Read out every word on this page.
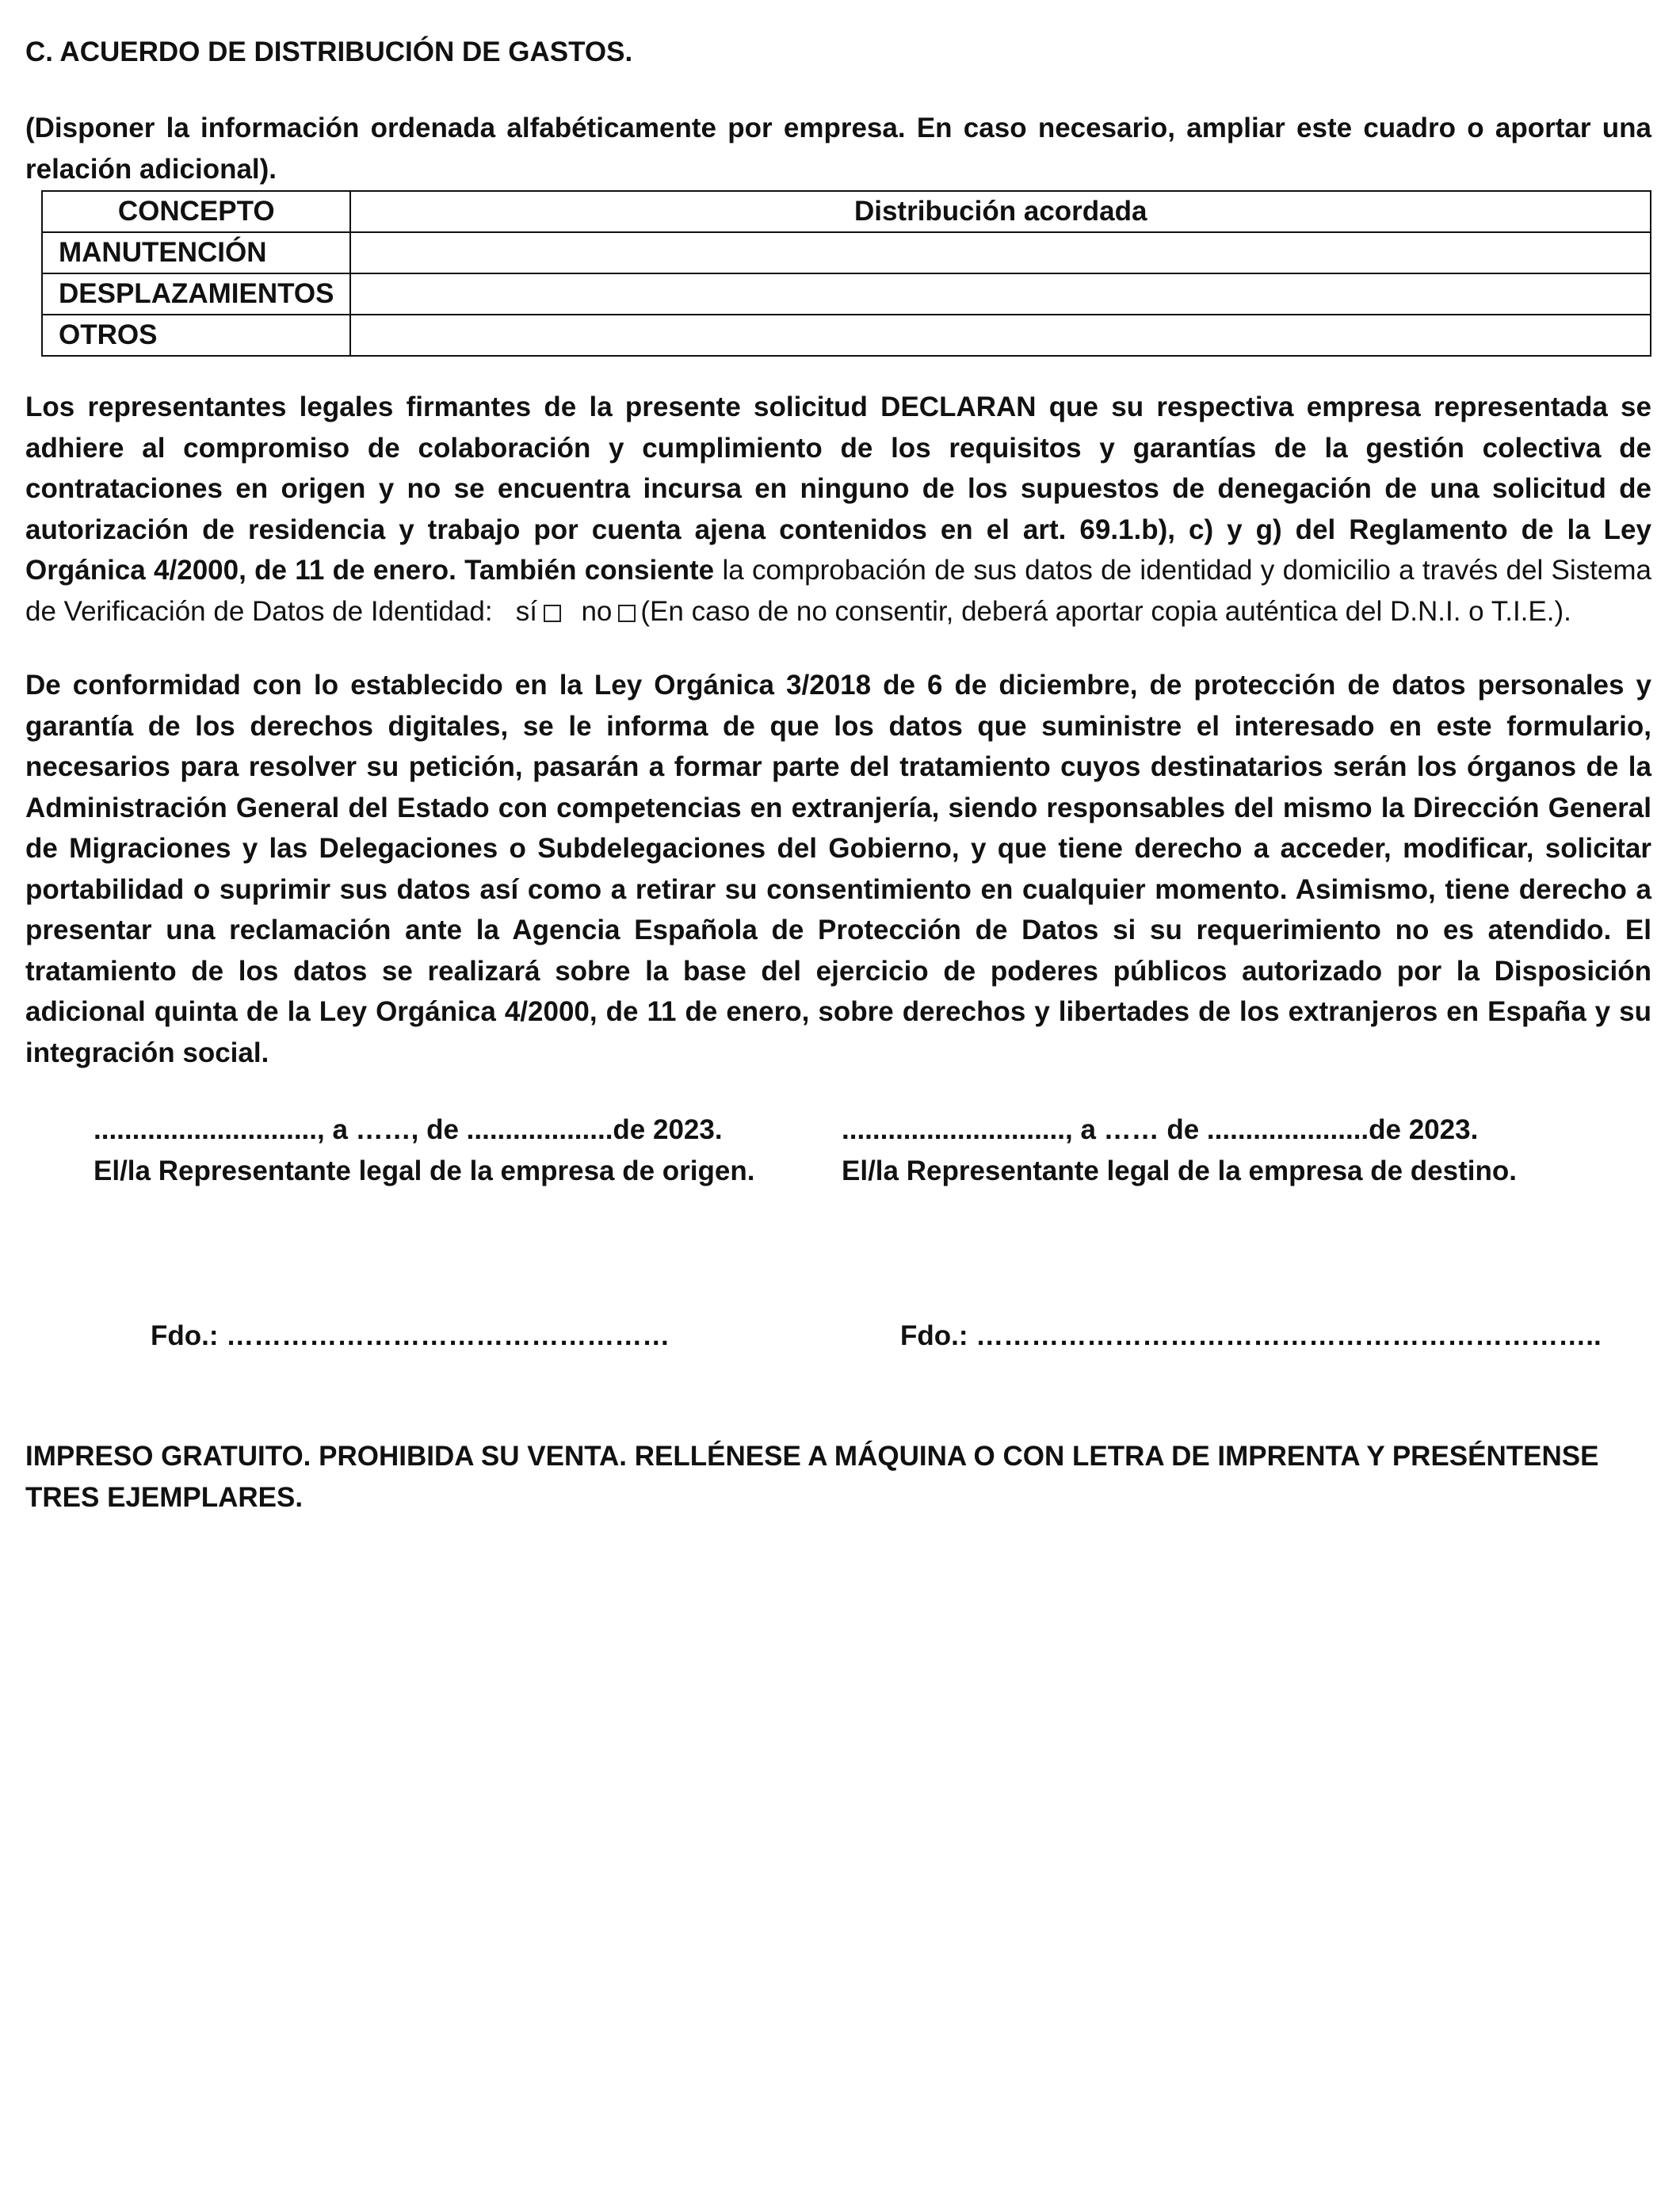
C. ACUERDO DE DISTRIBUCIÓN DE GASTOS.

(Disponer la información ordenada alfabéticamente por empresa. En caso necesario, ampliar este cuadro o aportar una relación adicional).

CONCEPTO	Distribución acordada
MANUTENCIÓN	
DESPLAZAMIENTOS	
OTROS	

Los representantes legales firmantes de la presente solicitud DECLARAN que su respectiva empresa representada se adhiere al compromiso de colaboración y cumplimiento de los requisitos y garantías de la gestión colectiva de contrataciones en origen y no se encuentra incursa en ninguno de los supuestos de denegación de una solicitud de autorización de residencia y trabajo por cuenta ajena contenidos en el art. 69.1.b), c) y g) del Reglamento de la Ley Orgánica 4/2000, de 11 de enero. También consiente la comprobación de sus datos de identidad y domicilio a través del Sistema de Verificación de Datos de Identidad: sí no (En caso de no consentir, deberá aportar copia auténtica del D.N.I. o T.I.E.).

De conformidad con lo establecido en la Ley Orgánica 3/2018 de 6 de diciembre, de protección de datos personales y garantía de los derechos digitales, se le informa de que los datos que suministre el interesado en este formulario, necesarios para resolver su petición, pasarán a formar parte del tratamiento cuyos destinatarios serán los órganos de la Administración General del Estado con competencias en extranjería, siendo responsables del mismo la Dirección General de Migraciones y las Delegaciones o Subdelegaciones del Gobierno, y que tiene derecho a acceder, modificar, solicitar portabilidad o suprimir sus datos así como a retirar su consentimiento en cualquier momento. Asimismo, tiene derecho a presentar una reclamación ante la Agencia Española de Protección de Datos si su requerimiento no es atendido. El tratamiento de los datos se realizará sobre la base del ejercicio de poderes públicos autorizado por la Disposición adicional quinta de la Ley Orgánica 4/2000, de 11 de enero, sobre derechos y libertades de los extranjeros en España y su integración social.

............................., a ……, de ...................de 2023.
El/la Representante legal de la empresa de origen.
............................., a …… de .....................de 2023.
El/la Representante legal de la empresa de destino.
Fdo.: …………………………………………	Fdo.: …………………………………………………………..

IMPRESO GRATUITO. PROHIBIDA SU VENTA. RELLÉNESE A MÁQUINA O CON LETRA DE IMPRENTA Y PRESÉNTENSE TRES EJEMPLARES.
